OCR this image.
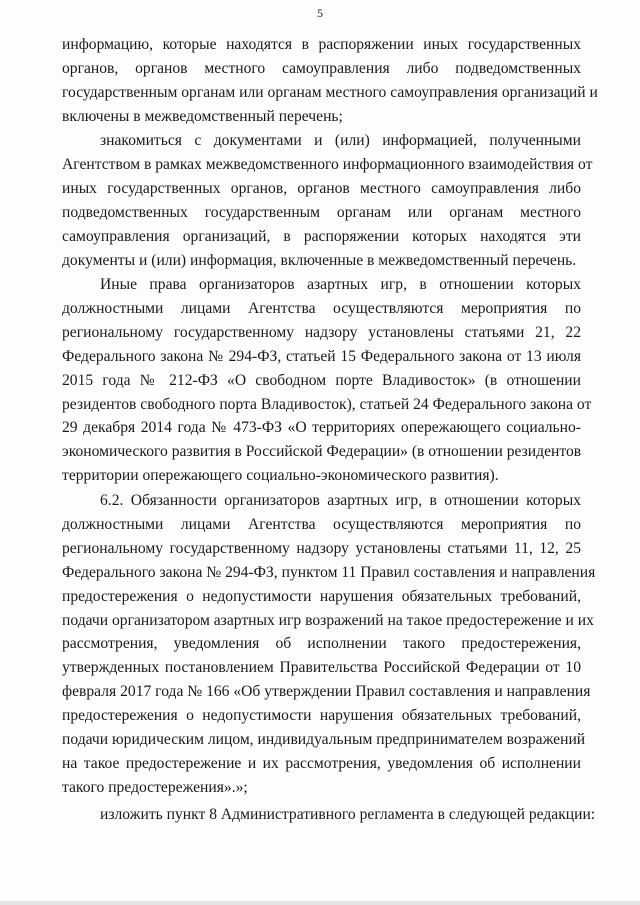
5

информацию, которые находятся в распоряжении иных государственных
органов, органов местного самоуправления либо подведомственных
государственным органам или органам местного самоуправления организаций и
включены в межведомственный перечень;

знакомиться с документами и (или) информацией, полученными
Агентством в рамках межведомственного информационного взаимодействия от
иных государственных органов, органов местного самоуправления либо
подведомственных государственным органам или органам местного
самоуправления организаций, в распоряжении которых находятся эти
документы и (или) информация, включенные в межведомственный перечень.

Иные права организаторов азартных игр, в отношении которых
должностными лицами Агентства осуществляются мероприятия по
региональному государственному надзору установлены статьями 21, 22
Федерального закона № 294-ФЗ, статьей 15 Федерального закона от 13 июля
2015 года № 212-ФЗ «О свободном порте Владивосток» (в отношении
резидентов свободного порта Владивосток), статьей 24 Федерального закона от
29 декабря 2014 года № 473-ФЗ «О территориях опережающего социально-
экономического развития в Российской Федерации» (в отношении резидентов
территории опережающего социально-экономического развития).

6.2. Обязанности организаторов азартных игр, в отношении которых
должностными лицами Агентства осуществляются мероприятия по
региональному государственному надзору установлены статьями 11, 12, 25
Федерального закона № 294-ФЗ, пунктом 11 Правил составления и направления
предостережения о недопустимости нарушения обязательных требований,
подачи организатором азартных игр возражений на такое предостережение и их
рассмотрения, уведомления об исполнении такого предостережения,
утвержденных постановлением Правительства Российской Федерации от 10
февраля 2017 года № 166 «Об утверждении Правил составления и направления
предостережения о недопустимости нарушения обязательных требований,
подачи юридическим лицом, индивидуальным предпринимателем возражений
на такое предостережение и их рассмотрения, уведомления об исполнении
такого предостережения».»;

изложить пункт 8 Административного регламента в следующей редакции:
